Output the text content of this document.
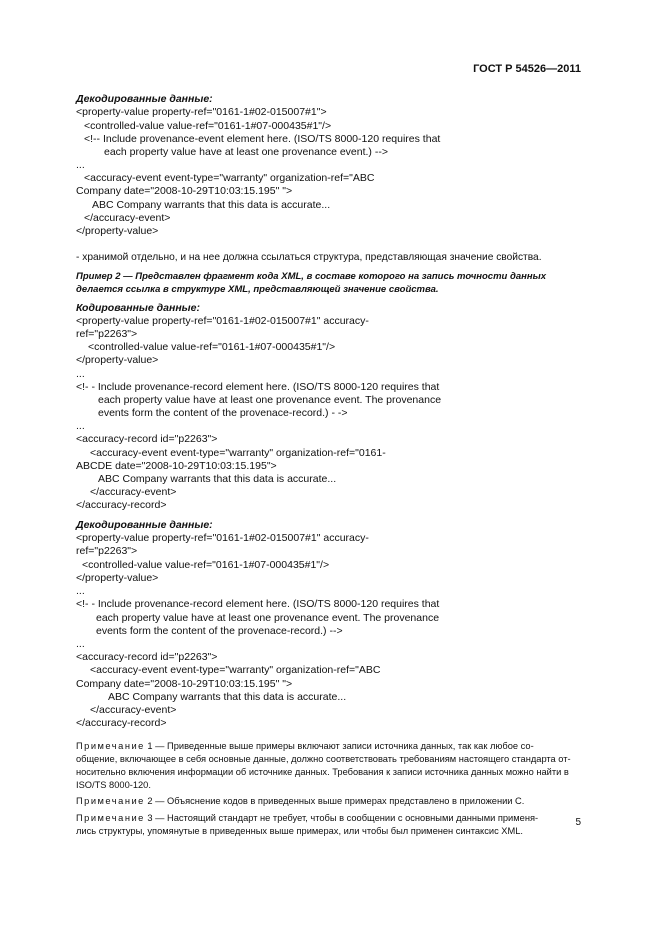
ГОСТ Р 54526—2011
Декодированные данные:
<property-value property-ref="0161-1#02-015007#1">
<controlled-value value-ref="0161-1#07-000435#1"/>
<!-- Include provenance-event element here. (ISO/TS 8000-120 requires that
each property value have at least one provenance event.) -->
...
<accuracy-event event-type="warranty" organization-ref="ABC
Company date="2008-10-29T10:03:15.195" ">
ABC Company warrants that this data is accurate...
</accuracy-event>
</property-value>
- хранимой отдельно, и на нее должна ссылаться структура, представляющая значение свойства.
Пример 2 — Представлен фрагмент кода XML, в составе которого на запись точности данных
делается ссылка в структуре XML, представляющей значение свойства.
Кодированные данные:
<property-value property-ref="0161-1#02-015007#1" accuracy-
ref="p2263">
<controlled-value value-ref="0161-1#07-000435#1"/>
</property-value>
...
<!- - Include provenance-record element here. (ISO/TS 8000-120 requires that
each property value have at least one provenance event. The provenance
events form the content of the provenace-record.) - ->
...
<accuracy-record id="p2263">
<accuracy-event event-type="warranty" organization-ref="0161-
ABCDE date="2008-10-29T10:03:15.195">
ABC Company warrants that this data is accurate...
</accuracy-event>
</accuracy-record>
Декодированные данные:
<property-value property-ref="0161-1#02-015007#1" accuracy-
ref="p2263">
<controlled-value value-ref="0161-1#07-000435#1"/>
</property-value>
...
<!- - Include provenance-record element here. (ISO/TS 8000-120 requires that
each property value have at least one provenance event. The provenance
events form the content of the provenace-record.) -->
...
<accuracy-record id="p2263">
<accuracy-event event-type="warranty" organization-ref="ABC
Company date="2008-10-29T10:03:15.195" ">
ABC Company warrants that this data is accurate...
</accuracy-event>
</accuracy-record>
Примечание 1 — Приведенные выше примеры включают записи источника данных, так как любое со-
общение, включающее в себя основные данные, должно соответствовать требованиям настоящего стандарта от-
носительно включения информации об источнике данных. Требования к записи источника данных можно найти в
ISO/TS 8000-120.
Примечание 2 — Объяснение кодов в приведенных выше примерах представлено в приложении C.
Примечание 3 — Настоящий стандарт не требует, чтобы в сообщении с основными данными применя-
лись структуры, упомянутые в приведенных выше примерах, или чтобы был применен синтаксис XML.
5
